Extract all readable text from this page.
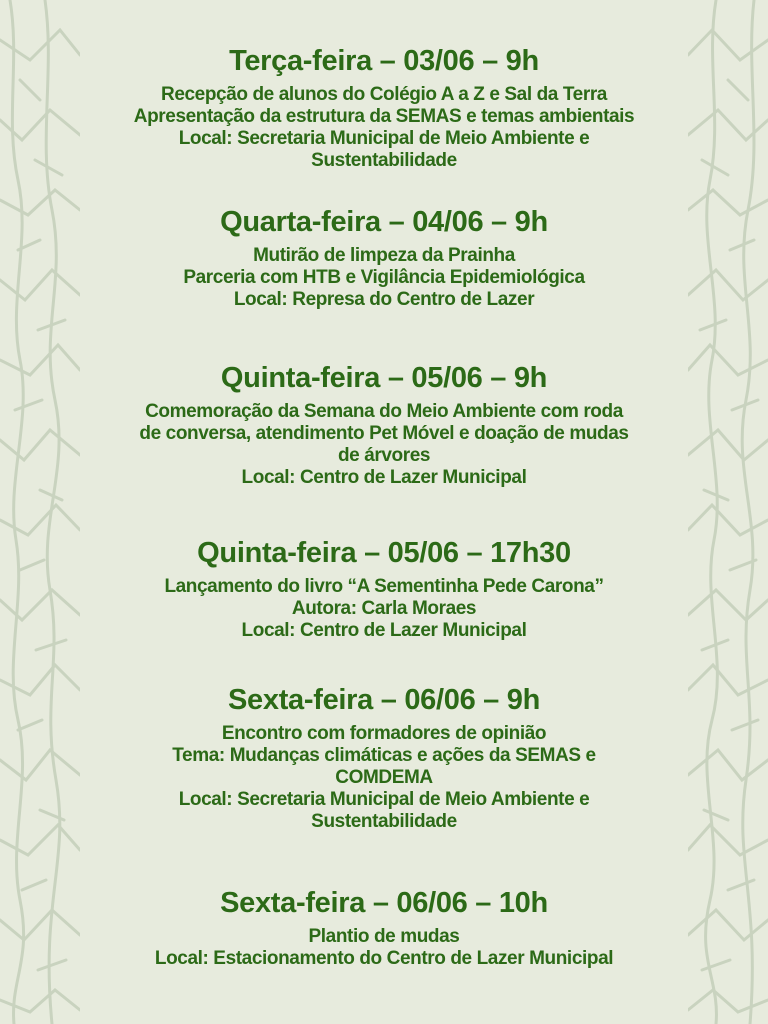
Terça-feira – 03/06 – 9h
Recepção de alunos do Colégio A a Z e Sal da Terra
Apresentação da estrutura da SEMAS e temas ambientais
Local: Secretaria Municipal de Meio Ambiente e
Sustentabilidade
Quarta-feira – 04/06 – 9h
Mutirão de limpeza da Prainha
Parceria com HTB e Vigilância Epidemiológica
Local: Represa do Centro de Lazer
Quinta-feira – 05/06 – 9h
Comemoração da Semana do Meio Ambiente com roda
de conversa, atendimento Pet Móvel e doação de mudas
de árvores
Local: Centro de Lazer Municipal
Quinta-feira – 05/06 – 17h30
Lançamento do livro “A Sementinha Pede Carona”
Autora: Carla Moraes
Local: Centro de Lazer Municipal
Sexta-feira – 06/06 – 9h
Encontro com formadores de opinião
Tema: Mudanças climáticas e ações da SEMAS e
COMDEMA
Local: Secretaria Municipal de Meio Ambiente e
Sustentabilidade
Sexta-feira – 06/06 – 10h
Plantio de mudas
Local: Estacionamento do Centro de Lazer Municipal
